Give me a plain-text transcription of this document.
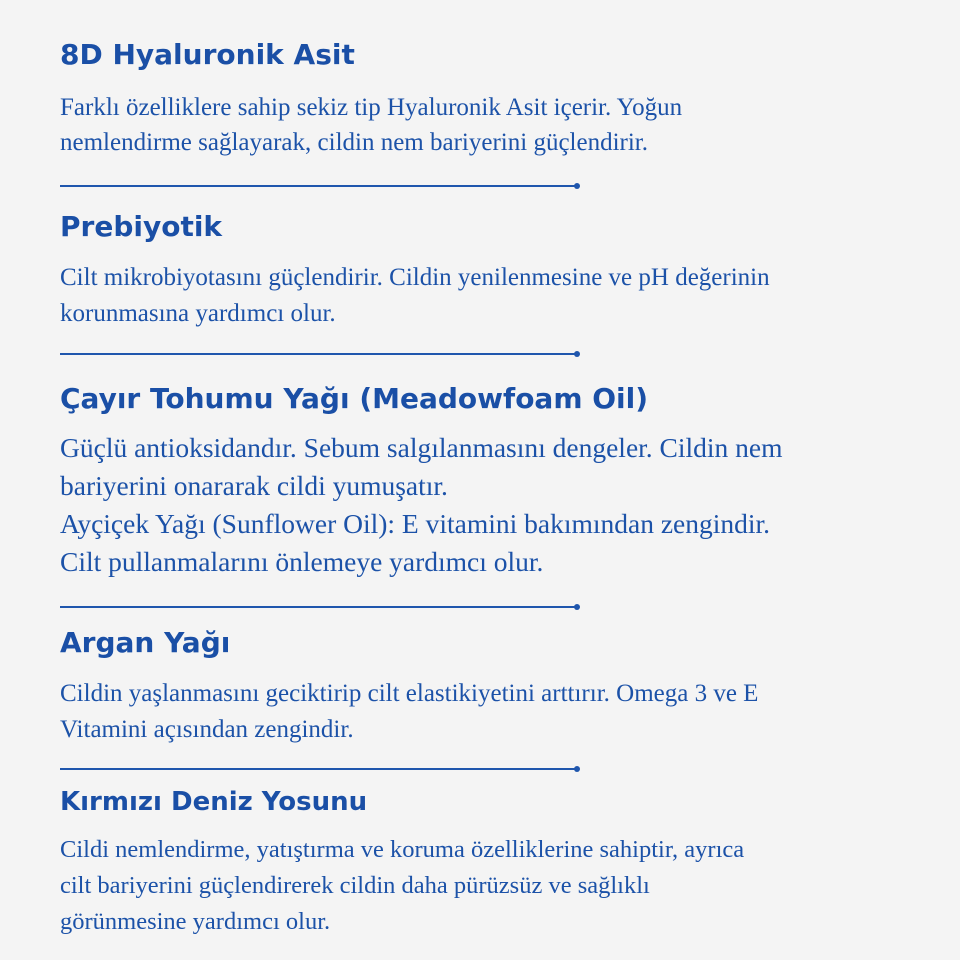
8D Hyaluronik Asit
Farklı özelliklere sahip sekiz tip Hyaluronik Asit içerir. Yoğun
nemlendirme sağlayarak, cildin nem bariyerini güçlendirir.
Prebiyotik
Cilt mikrobiyotasını güçlendirir. Cildin yenilenmesine ve pH değerinin
korunmasına yardımcı olur.
Çayır Tohumu Yağı (Meadowfoam Oil)
Güçlü antioksidandır. Sebum salgılanmasını dengeler. Cildin nem
bariyerini onararak cildi yumuşatır.
Ayçiçek Yağı (Sunflower Oil): E vitamini bakımından zengindir.
Cilt pullanmalarını önlemeye yardımcı olur.
Argan Yağı
Cildin yaşlanmasını geciktirip cilt elastikiyetini arttırır. Omega 3 ve E
Vitamini açısından zengindir.
Kırmızı Deniz Yosunu
Cildi nemlendirme, yatıştırma ve koruma özelliklerine sahiptir, ayrıca
cilt bariyerini güçlendirerek cildin daha pürüzsüz ve sağlıklı
görünmesine yardımcı olur.
